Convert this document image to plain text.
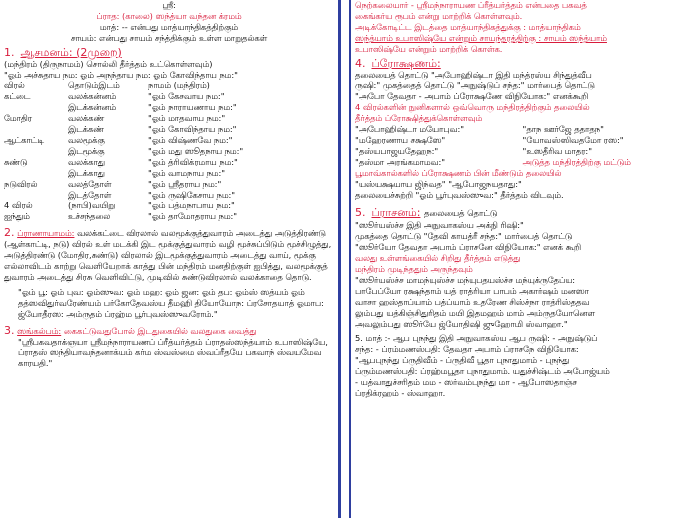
ஸ்ரீ:

ப்ராத: (காலை) ஸந்த்யா வந்தன க்ரமம்

மாத்: -- என்பது மாத்யாந்திகத்திற்கும்

சாயம்: என்பது சாயம் சந்த்திக்கும் உள்ள மாறுதல்கள்

1. ஆசமனம்: (2முறை)

(மந்திரம் (திருநாமம்) சொல்லி தீர்த்தம் உட்கொள்ளவும்)

"ஓம் அச்சுதாய நம: ஓம் அநந்தாய நம: ஓம் கோவிந்தாய நம:"

விரல்	தொடும்இடம்	நாமம் (மந்திரம்)
கட்டை	வலக்கன்னம்	"ஓம் கேசவாய நம:"
	இடக்கன்னம்	"ஓம் நாராயணாய நம:"
மோதிர	வலக்கண்	"ஓம் மாதவாய நம:"
	இடக்கண்	"ஓம் கோவிந்தாய நம:"
ஆட்காட்டி	வலமூக்கு	"ஓம் விஷ்ணவே நம:"
	இடமூக்கு	"ஓம் மது ஸூதநாய நம:"
சுண்டு	வலக்காது	"ஓம் த்ரிவிக்ரமாய நம:"
	இடக்காது	"ஓம் வாமநாய நம:"
நடுவிரல்	வலத்தோள்	"ஓம் ஸ்ரீதராய நம:"
	இடத்தோள்	"ஓம் ருஷிகேசாய நம:"
4 விரல்	(நாபி)வயிறு	"ஓம் பத்மநாபாய நம:"
ஐந்தும்	உச்சந்தலை	"ஓம் தாமோதராய நம:"

2. ப்ராணாயாமம்: வலக்கட்டை விரலால் வலமூக்குத்துவாரம் அடைத்து அடுத்திரண்டு (ஆள்காட்டி, நடு) விரல் உள் மடக்கி இட மூக்குத்துவாரம் வழி மூச்சுப்பிடும் மூச்சிழுத்து, அடுத்திரண்டு (மோதிர,சுண்டு) விரலால் இடமூக்குத்துவாரம் அடைத்து வாய், மூக்கு எல்லாவிடம் காற்று வெளியேறாக் காத்து பின் மந்திரம் மனதிற்குள் ஐபித்து, வலமூக்குத் துவாரம் அடைத்து சிரசு வெளிவிட்டு, முடிவில் சுண்டுவிரலால் வலக்காதை தொடு.

"ஓம் பூ: ஓம் புவ: ஓம்ஸுவ: ஓம் மஹ: ஓம் ஜன: ஓம் தப: ஓம்ஸ் ஸத்யம் ஓம் தத்ஸவிதுர்வரேண்யம் பர்கோதேவஸ்ய தீமஹி தியோயோந: ப்ரசோதயாத் ஓமாப: ஜ்யோதீரஸ: அம்ருதம் ப்ரஹ்ம பூர்புவஸ்ஸுவரோம்."

3. ஸங்கல்பம்: கைகட்டுவதுபோல் இடதுகையில் வலதுகை வைத்து

"ஸ்ரீபகவதாக்ஞயா ஸ்ரீமந்நாராயணப் ப்ரீத்யர்த்தம் ப்ராதஸ்ஸந்த்யாம் உபாஸிஷ்யே, ப்ராதஸ் ஸந்தியாவந்தனாக்யம் கர்ம ஸ்வஸ்மை ஸ்வப்ரீதயே பகவாந் ஸ்வயமேவ காரயதி."

நெற்கலையார் - ஸ்ரீமந்நாராயண ப்ரீத்யர்த்தம் என்பதை பகவத்

கைங்கர்ய ரூபம் என்று மாற்றிக் கொள்ளவும்.

அடிக்கோடிட்ட இடத்தை மாத்யாந்திகத்துக்கு : மாத்யாந்திகம்

ஸந்த்யாம் உபாஸிஷ்யே என்றும் சாயந்தரத்திற்கு : சாயம் ஸந்த்யாம்

உபாஸிஷ்யே என்றும் மாற்றிக் கொள்க.

4. ப்ரோக்ஷணம்:

தலையைத் தொட்டு "அபோஹிஷ்டா இதி மந்த்ரஸ்ய சிந்துத்வீப

ருஷி:" முகத்தைத் தொட்டு "அநுஷ்டுப் சந்த:" மார்பைத் தொட்டு

"அபோ தேவதா - அபாம் ப்ரோக்ஷணே விநியோக:" எனக்கூறி

4 விரல்களின் நுனிகளால் ஒவ்வொரு மந்திரத்திற்கும் தலையில்

தீர்த்தம் ப்ரோக்ஷித்துக்கொள்ளவும்

"அபோஹிஷ்டா மயோபுவ:"	"தாந ஊர்ஜே ததாதந"
"மஹேரணாய சக்ஷஸே"	"யோவஸ்ஸிவதமோ ரஸ:"
"தஸ்யபாஜயதேஹந:"	"உஸதீரிவ மாதர:"
"தஸ்மா அரங்கமாமவ:"	அடுத்த மந்திரத்திற்கு மட்டும்

பூமாவ்கால்களில் ப்ரோக்ஷணம் பின் மீண்டும் தலையில்

"யஸ்யக்ஷயாய ஜிந்வத" "ஆபோஜநயதாது:"

தலையைச்சுற்றி "ஓம் பூர்புவஸ்ஸுவ:" தீர்த்தம் விடவும்.

5. ப்ராசனம்: தலையைத் தொட்டு

"ஸூர்யஸ்ச்ச இதி அநுவாகஸ்ய அக்நி ரிஷி:"

முகத்தை தொட்டு "தேவி காயத்ரீ சந்த:" மார்பைத் தொட்டு

"ஸூர்யோ தேவதா அபாம் ப்ராசனே விநியோக:" எனக் கூறி

வலது உள்ளங்கையில் சிறிது தீர்த்தம் எடுத்து

மந்திரம் முடிந்ததும் அருந்தவும்

"ஸூர்யஸ்ச்ச மாமந்யுஸ்ச்ச மந்யுபதயஸ்ச்ச மந்யுக்ருதேப்ய:

பாபேப்யோ ரக்ஷந்தாம் யத் ராத்ரியா பாபம் அகார்ஷம் மனஸா

வாசா ஹஸ்தாப்யாம் பத்ப்யாம் உதரேண சிஸ்ச்நா ராத்ரிஸ்ததவ

லும்பது யத்கிஞ்சிதுரிதம் மயி இதமஹம் மாம் அம்ருதயோனௌ

அவலும்பது ஸூர்யே ஜ்யோதிஷி ஜுஹோமி ஸ்வாஹா."

5. மாத் :- ஆப புநந்து இதி அநுவாகஸ்ய ஆப ருஷி: - அநுஷ்டுப்

சந்த: - ப்ரம்மணஸ்பதி: தேவதா அபாம் ப்ராசநே விநியோக:

"ஆபபுநந்து ப்ருதிவீம் - ப்ருதிவீ பூதா புநாதுமாம் - புநந்து

ப்ரும்மணஸ்பதி: ப்ரஹ்மபூதா புநாதுமாம். யதுச்சிஷ்டம் அபோஜ்யம்

- யத்வாதுச்சரிதம் மம - ஸர்வம்புநந்து மா - ஆபோஸதாஞ்ச

ப்ரதிக்ரஹம் - ஸ்வாஹா.
